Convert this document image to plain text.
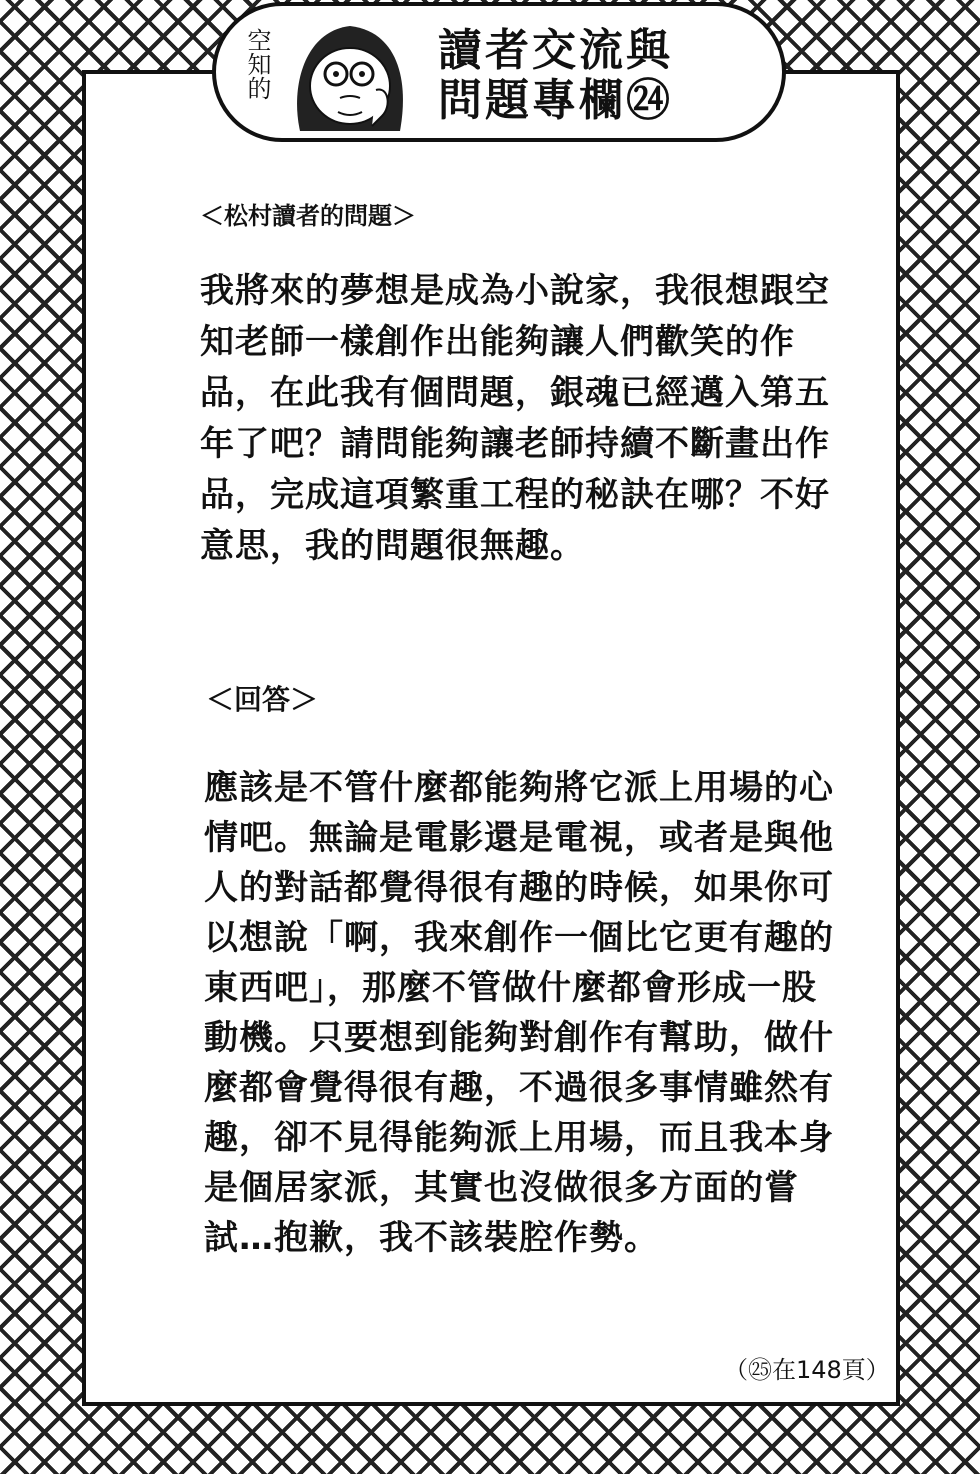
空知的	讀者交流與
問題專欄㉔
＜松村讀者的問題＞
我將來的夢想是成為小說家，我很想跟空知老師一樣創作出能夠讓人們歡笑的作品，在此我有個問題，銀魂已經邁入第五年了吧？請問能夠讓老師持續不斷畫出作品，完成這項繁重工程的秘訣在哪？不好意思，我的問題很無趣。
＜回答＞
應該是不管什麼都能夠將它派上用場的心情吧。無論是電影還是電視，或者是與他人的對話都覺得很有趣的時候，如果你可以想說「啊，我來創作一個比它更有趣的東西吧」，那麼不管做什麼都會形成一股動機。只要想到能夠對創作有幫助，做什麼都會覺得很有趣，不過很多事情雖然有趣，卻不見得能夠派上用場，而且我本身是個居家派，其實也沒做很多方面的嘗試…抱歉，我不該裝腔作勢。
（㉕在148頁）
